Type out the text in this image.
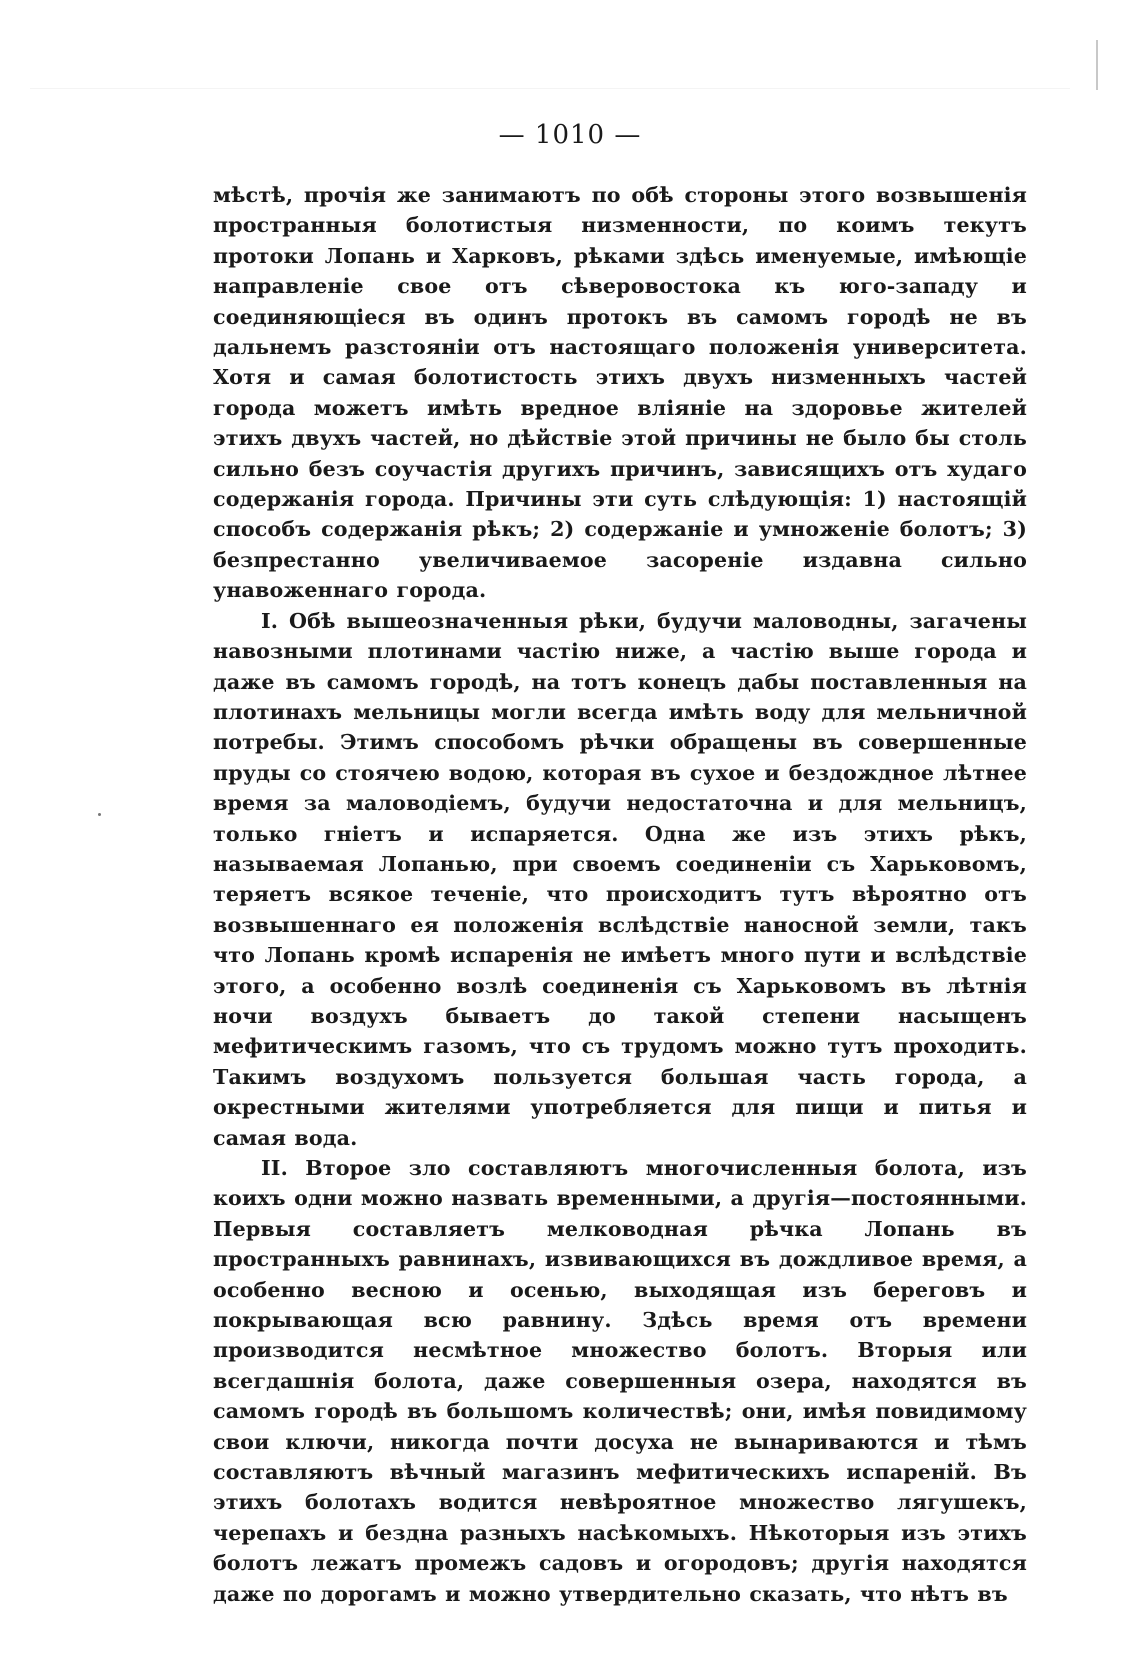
— 1010 —

мѣстѣ, прочія же занимаютъ по обѣ стороны этого возвышенія пространныя болотистыя низменности, по коимъ текутъ протоки Лопань и Харковъ, рѣками здѣсь именуемые, имѣющіе направленіе свое отъ сѣверовостока къ юго-западу и соединяющіеся въ одинъ протокъ въ самомъ городѣ не въ дальнемъ разстояніи отъ настоящаго положенія университета. Хотя и самая болотистость этихъ двухъ низменныхъ частей города можетъ имѣть вредное вліяніе на здоровье жителей этихъ двухъ частей, но дѣйствіе этой причины не было бы столь сильно безъ соучастія другихъ причинъ, зависящихъ отъ худаго содержанія города. Причины эти суть слѣдующія: 1) настоящій способъ содержанія рѣкъ; 2) содержаніе и умноженіе болотъ; 3) безпрестанно увеличиваемое засореніе издавна сильно унавоженнаго города.

I. Обѣ вышеозначенныя рѣки, будучи маловодны, загачены навозными плотинами частію ниже, а частію выше города и даже въ самомъ городѣ, на тотъ конецъ дабы поставленныя на плотинахъ мельницы могли всегда имѣть воду для мельничной потребы. Этимъ способомъ рѣчки обращены въ совершенные пруды со стоячею водою, которая въ сухое и бездождное лѣтнее время за маловодіемъ, будучи недостаточна и для мельницъ, только гніетъ и испаряется. Одна же изъ этихъ рѣкъ, называемая Лопанью, при своемъ соединеніи съ Харьковомъ, теряетъ всякое теченіе, что происходитъ тутъ вѣроятно отъ возвышеннаго ея положенія вслѣдствіе наносной земли, такъ что Лопань кромѣ испаренія не имѣетъ много пути и вслѣдствіе этого, а особенно возлѣ соединенія съ Харьковомъ въ лѣтнія ночи воздухъ бываетъ до такой степени насыщенъ мефитическимъ газомъ, что съ трудомъ можно тутъ проходить. Такимъ воздухомъ пользуется большая часть города, а окрестными жителями употребляется для пищи и питья и самая вода.

II. Второе зло составляютъ многочисленныя болота, изъ коихъ одни можно назвать временными, а другія—постоянными. Первыя составляетъ мелководная рѣчка Лопань въ пространныхъ равнинахъ, извивающихся въ дождливое время, а особенно весною и осенью, выходящая изъ береговъ и покрывающая всю равнину. Здѣсь время отъ времени производится несмѣтное множество болотъ. Вторыя или всегдашнія болота, даже совершенныя озера, находятся въ самомъ городѣ въ большомъ количествѣ; они, имѣя повидимому свои ключи, никогда почти досуха не вынариваются и тѣмъ составляютъ вѣчный магазинъ мефитическихъ испареній. Въ этихъ болотахъ водится невѣроятное множество лягушекъ, черепахъ и бездна разныхъ насѣкомыхъ. Нѣкоторыя изъ этихъ болотъ лежатъ промежъ садовъ и огородовъ; другія находятся даже по дорогамъ и можно утвердительно сказать, что нѣтъ въ
